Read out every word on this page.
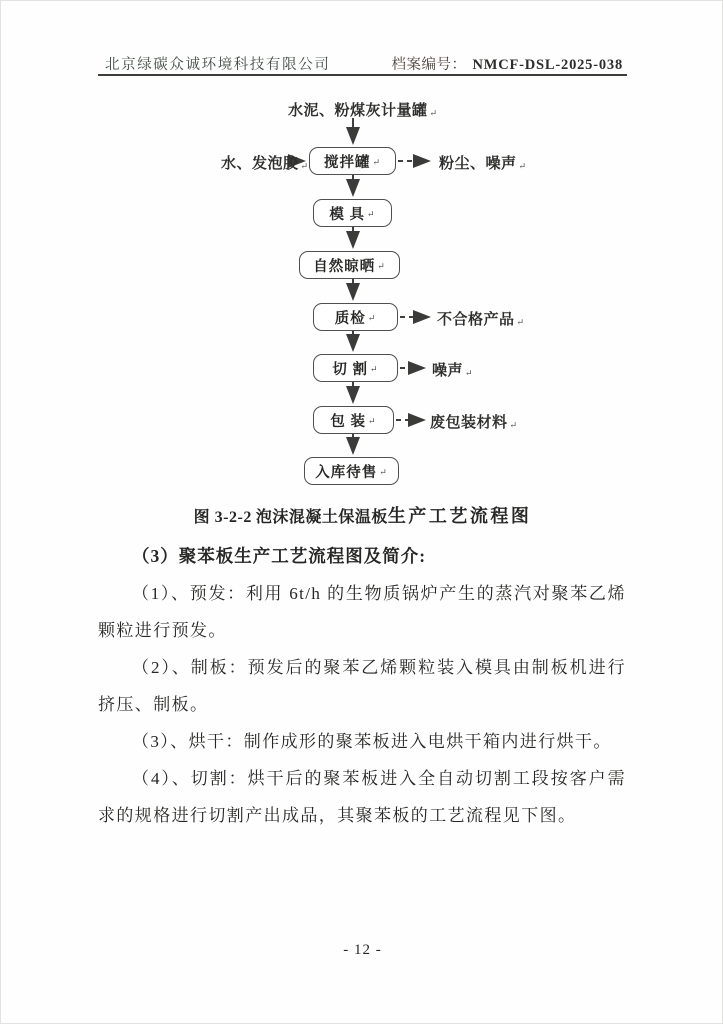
北京绿碳众诚环境科技有限公司	档案编号： NMCF-DSL-2025-038
水泥、粉煤灰计量罐 ↵
水、发泡胶 ↵ 搅拌罐 ↵
模 具 ↵
自然晾晒 ↵
质检 ↵
切 割 ↵
包 装 ↵
入库待售 ↵
粉尘、噪声 ↵
不合格产品 ↵
噪声 ↵
废包装材料 ↵
图 3-2-2 泡沫混凝土保温板生产工艺流程图
（3）聚苯板生产工艺流程图及简介:
（1）、预发：利用 6t/h 的生物质锅炉产生的蒸汽对聚苯乙烯颗粒进行预发。
（2）、制板：预发后的聚苯乙烯颗粒装入模具由制板机进行挤压、制板。
（3）、烘干：制作成形的聚苯板进入电烘干箱内进行烘干。
（4）、切割：烘干后的聚苯板进入全自动切割工段按客户需求的规格进行切割产出成品，其聚苯板的工艺流程见下图。
- 12 -
